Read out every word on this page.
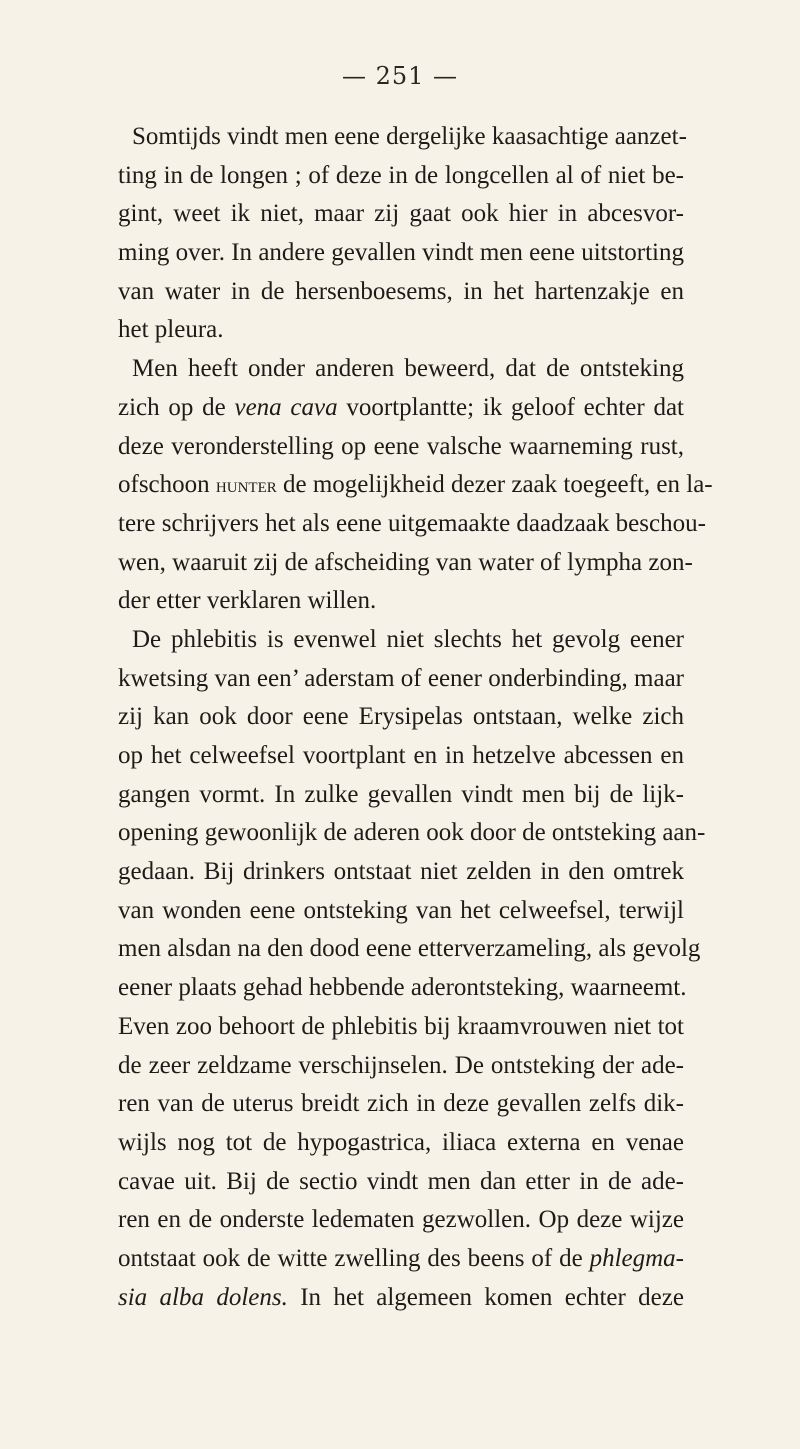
— 251 —
Somtijds vindt men eene dergelijke kaasachtige aanzet-
ting in de longen ; of deze in de longcellen al of niet be-
gint, weet ik niet, maar zij gaat ook hier in abcesvor-
ming over. In andere gevallen vindt men eene uitstorting
van water in de hersenboesems, in het hartenzakje en
het pleura.
Men heeft onder anderen beweerd, dat de ontsteking
zich op de vena cava voortplantte; ik geloof echter dat
deze veronderstelling op eene valsche waarneming rust,
ofschoon hunter de mogelijkheid dezer zaak toegeeft, en la-
tere schrijvers het als eene uitgemaakte daadzaak beschou-
wen, waaruit zij de afscheiding van water of lympha zon-
der etter verklaren willen.
De phlebitis is evenwel niet slechts het gevolg eener
kwetsing van een’ aderstam of eener onderbinding, maar
zij kan ook door eene Erysipelas ontstaan, welke zich
op het celweefsel voortplant en in hetzelve abcessen en
gangen vormt. In zulke gevallen vindt men bij de lijk-
opening gewoonlijk de aderen ook door de ontsteking aan-
gedaan. Bij drinkers ontstaat niet zelden in den omtrek
van wonden eene ontsteking van het celweefsel, terwijl
men alsdan na den dood eene etterverzameling, als gevolg
eener plaats gehad hebbende aderontsteking, waarneemt.
Even zoo behoort de phlebitis bij kraamvrouwen niet tot
de zeer zeldzame verschijnselen. De ontsteking der ade-
ren van de uterus breidt zich in deze gevallen zelfs dik-
wijls nog tot de hypogastrica, iliaca externa en venae
cavae uit. Bij de sectio vindt men dan etter in de ade-
ren en de onderste ledematen gezwollen. Op deze wijze
ontstaat ook de witte zwelling des beens of de phlegma-
sia alba dolens. In het algemeen komen echter deze
